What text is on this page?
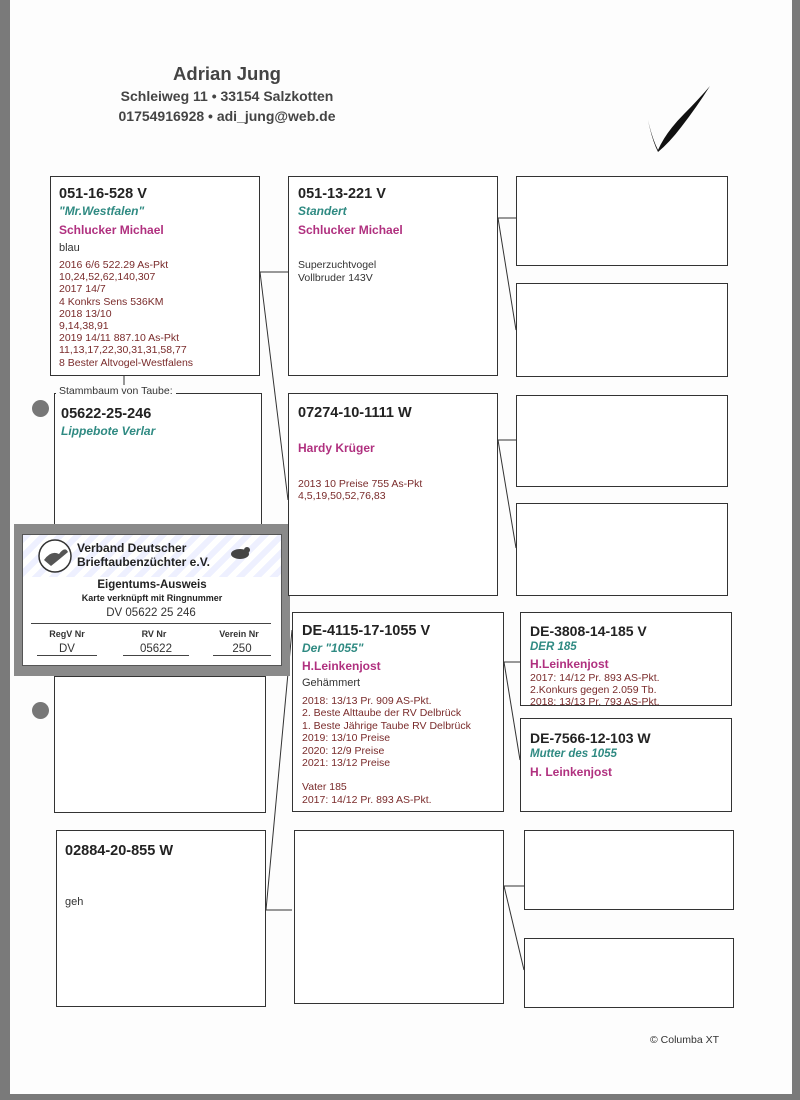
Adrian Jung
Schleiweg 11 • 33154 Salzkotten
01754916928 • adi_jung@web.de
051-16-528 V
"Mr.Westfalen"
Schlucker Michael
blau
2016 6/6 522.29 As-Pkt
10,24,52,62,140,307
2017 14/7
4 Konkrs Sens 536KM
2018 13/10
9,14,38,91
2019 14/11 887.10 As-Pkt
11,13,17,22,30,31,31,58,77
8 Bester Altvogel-Westfalens
Stammbaum von Taube:
05622-25-246
Lippebote Verlar
Verband Deutscher
Brieftaubenzüchter e.V.
Eigentums-Ausweis
Karte verknüpft mit Ringnummer
DV 05622 25 246
RegV Nr	RV Nr	Verein Nr
DV	05622	250
02884-20-855 W
geh
051-13-221 V
Standert
Schlucker Michael
Superzuchtvogel
Vollbruder 143V
07274-10-1111 W
Hardy Krüger
2013 10 Preise 755 As-Pkt
4,5,19,50,52,76,83
DE-4115-17-1055 V
Der "1055"
H.Leinkenjost
Gehämmert
2018: 13/13 Pr. 909 AS-Pkt.
2. Beste Alttaube der RV Delbrück
1. Beste Jährige Taube RV Delbrück
2019: 13/10 Preise
2020: 12/9 Preise
2021: 13/12 Preise
Vater 185
2017: 14/12 Pr. 893 AS-Pkt.
DE-3808-14-185 V
DER 185
H.Leinkenjost
2017: 14/12 Pr. 893 AS-Pkt.
2.Konkurs gegen 2.059 Tb.
2018: 13/13 Pr. 793 AS-Pkt.
DE-7566-12-103 W
Mutter des 1055
H. Leinkenjost
© Columba XT
